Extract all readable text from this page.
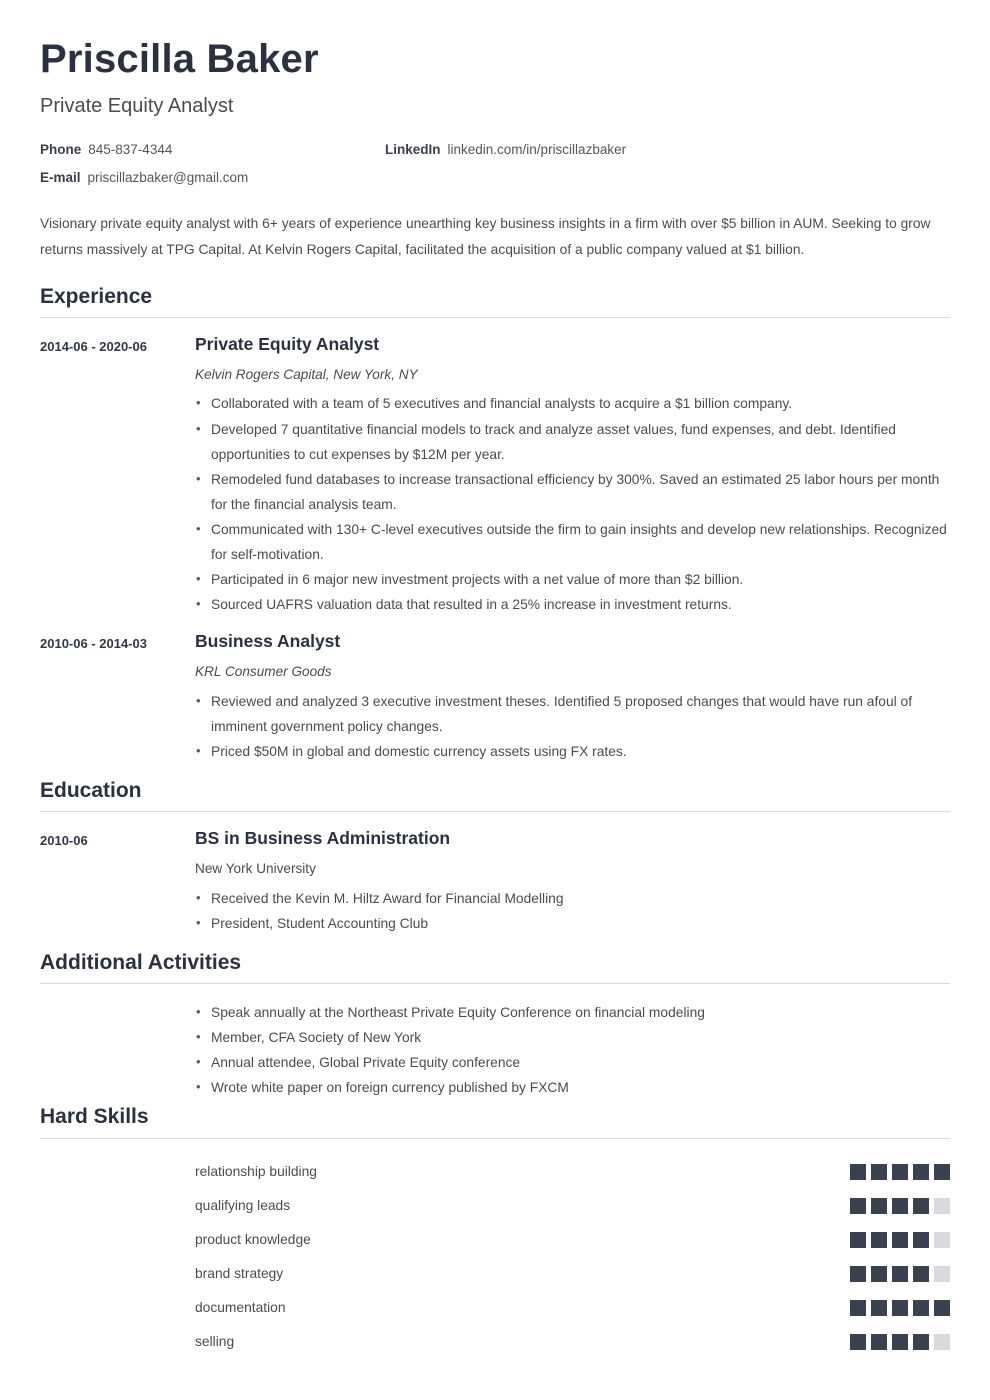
Priscilla Baker
Private Equity Analyst
Phone 845-837-4344	LinkedIn linkedin.com/in/priscillazbaker
E-mail priscillazbaker@gmail.com

Visionary private equity analyst with 6+ years of experience unearthing key business insights in a firm with over $5 billion in AUM. Seeking to grow returns massively at TPG Capital. At Kelvin Rogers Capital, facilitated the acquisition of a public company valued at $1 billion.

Experience
2014-06 - 2020-06	Private Equity Analyst
Kelvin Rogers Capital, New York, NY
• Collaborated with a team of 5 executives and financial analysts to acquire a $1 billion company.
• Developed 7 quantitative financial models to track and analyze asset values, fund expenses, and debt. Identified opportunities to cut expenses by $12M per year.
• Remodeled fund databases to increase transactional efficiency by 300%. Saved an estimated 25 labor hours per month for the financial analysis team.
• Communicated with 130+ C-level executives outside the firm to gain insights and develop new relationships. Recognized for self-motivation.
• Participated in 6 major new investment projects with a net value of more than $2 billion.
• Sourced UAFRS valuation data that resulted in a 25% increase in investment returns.
2010-06 - 2014-03	Business Analyst
KRL Consumer Goods
• Reviewed and analyzed 3 executive investment theses. Identified 5 proposed changes that would have run afoul of imminent government policy changes.
• Priced $50M in global and domestic currency assets using FX rates.
Education
2010-06	BS in Business Administration
New York University
• Received the Kevin M. Hiltz Award for Financial Modelling
• President, Student Accounting Club
Additional Activities
• Speak annually at the Northeast Private Equity Conference on financial modeling
• Member, CFA Society of New York
• Annual attendee, Global Private Equity conference
• Wrote white paper on foreign currency published by FXCM
Hard Skills
relationship building
qualifying leads
product knowledge
brand strategy
documentation
selling
